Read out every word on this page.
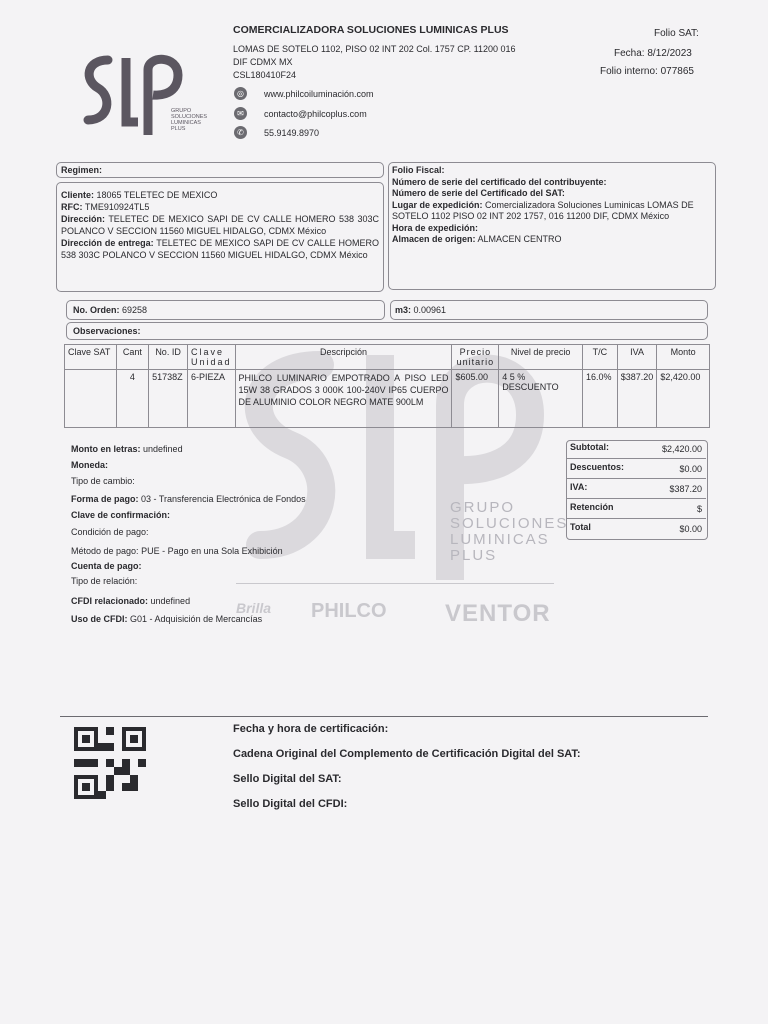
GRUPO
SOLUCIONES
LUMINICAS
PLUS
COMERCIALIZADORA SOLUCIONES LUMINICAS PLUS
LOMAS DE SOTELO 1102, PISO 02 INT 202 Col. 1757 CP. 11200 016
DIF CDMX MX
CSL180410F24
◎	www.philcoiluminación.com
✉	contacto@philcoplus.com
✆	55.9149.8970
Folio SAT:
Fecha: 8/12/2023
Folio interno: 077865
Regimen:
Cliente: 18065 TELETEC DE MEXICO
RFC: TME910924TL5
Dirección: TELETEC DE MEXICO SAPI DE CV CALLE HOMERO 538 303C POLANCO V SECCION 11560 MIGUEL HIDALGO, CDMX México
Dirección de entrega: TELETEC DE MEXICO SAPI DE CV CALLE HOMERO 538 303C POLANCO V SECCION 11560 MIGUEL HIDALGO, CDMX México
Folio Fiscal:
Número de serie del certificado del contribuyente:
Número de serie del Certificado del SAT:
Lugar de expedición: Comercializadora Soluciones Luminicas LOMAS DE SOTELO 1102 PISO 02 INT 202 1757, 016 11200 DIF, CDMX México
Hora de expedición:
Almacen de origen: ALMACEN CENTRO
No. Orden: 69258	m3: 0.00961
Observaciones:
GRUPO
SOLUCIONES
LUMINICAS
PLUS
Brilla PHILCO VENTOR
Clave SAT	Cant	No. ID	Clave Unidad	Descripción	Precio unitario	Nivel de precio	T/C	IVA	Monto
	4	51738Z	6-PIEZA	PHILCO LUMINARIO EMPOTRADO A PISO LED 15W 38 GRADOS 3 000K 100-240V IP65 CUERPO DE ALUMINIO COLOR NEGRO MATE 900LM	$605.00	4 5 % DESCUENTO	16.0%	$387.20	$2,420.00
Monto en letras: undefined
Moneda:
Tipo de cambio:
Forma de pago: 03 - Transferencia Electrónica de Fondos
Clave de confirmación:
Condición de pago:
Método de pago: PUE - Pago en una Sola Exhibición
Cuenta de pago:
Tipo de relación:
CFDI relacionado: undefined
Uso de CFDI: G01 - Adquisición de Mercancías
Subtotal:	$2,420.00
Descuentos:	$0.00
IVA:	$387.20
Retención	$
Total	$0.00
Fecha y hora de certificación:
Cadena Original del Complemento de Certificación Digital del SAT:
Sello Digital del SAT:
Sello Digital del CFDI:
